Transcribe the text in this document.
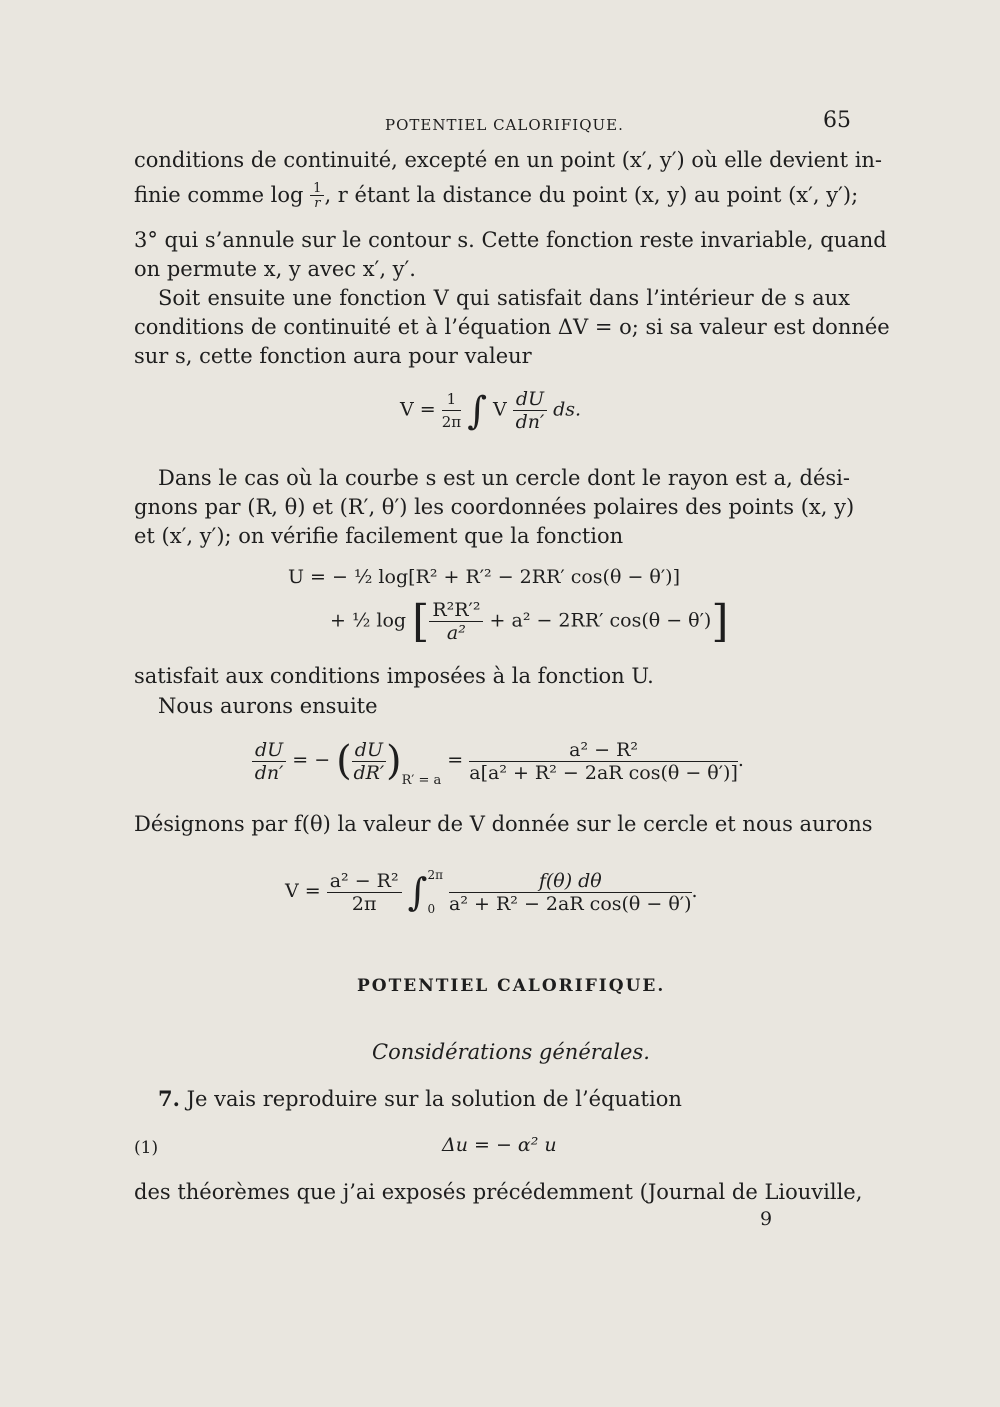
POTENTIEL CALORIFIQUE.	65
conditions de continuité, excepté en un point (x′, y′) où elle devient in-
finie comme $\log \frac{1}{r}$ , r étant la distance du point (x, y) au point (x′, y′);
3° qui s’annule sur le contour s. Cette fonction reste invariable, quand
on permute x, y avec x′, y′.
Soit ensuite une fonction V qui satisfait dans l’intérieur de s aux
conditions de continuité et à l’équation ΔV = o; si sa valeur est donnée
sur s, cette fonction aura pour valeur
$V = \frac{1}{2\pi}$ ∫ V $\frac{dU}{dn'}$ ds.
Dans le cas où la courbe s est un cercle dont le rayon est a, dési-
gnons par (R, θ) et (R′, θ′) les coordonnées polaires des points (x, y)
et (x′, y′); on vérifie facilement que la fonction
U = − ½ log[R² + R′² − 2RR′ cos(θ − θ′)]
+ ½ log [ $\frac{\text{R²R′²}}{\text{a²}} + a^2 - 2RR'$ cos(θ − θ′)]
satisfait aux conditions imposées à la fonction U.
Nous aurons ensuite
$\frac{dU}{dn'}$ = − ( $\frac{dU}{dR'} )_{R' = a} = \frac{\text{a² − R²}}{\text{a[a² + R² − 2aR cos(θ − θ′)]}}$ .
Désignons par f(θ) la valeur de V donnée sur le cercle et nous aurons
$V = \frac{\text{a² − R²}}{2\pi}$ ∫ 2π
0
$\frac{f(\theta) d\theta}{\text{a² + R² − 2aR cos(θ − θ′)}}$ .
POTENTIEL CALORIFIQUE.
Considérations générales.
7. Je vais reproduire sur la solution de l’équation
(1)	Δu = − α² u
des théorèmes que j’ai exposés précédemment (Journal de Liouville,
9
